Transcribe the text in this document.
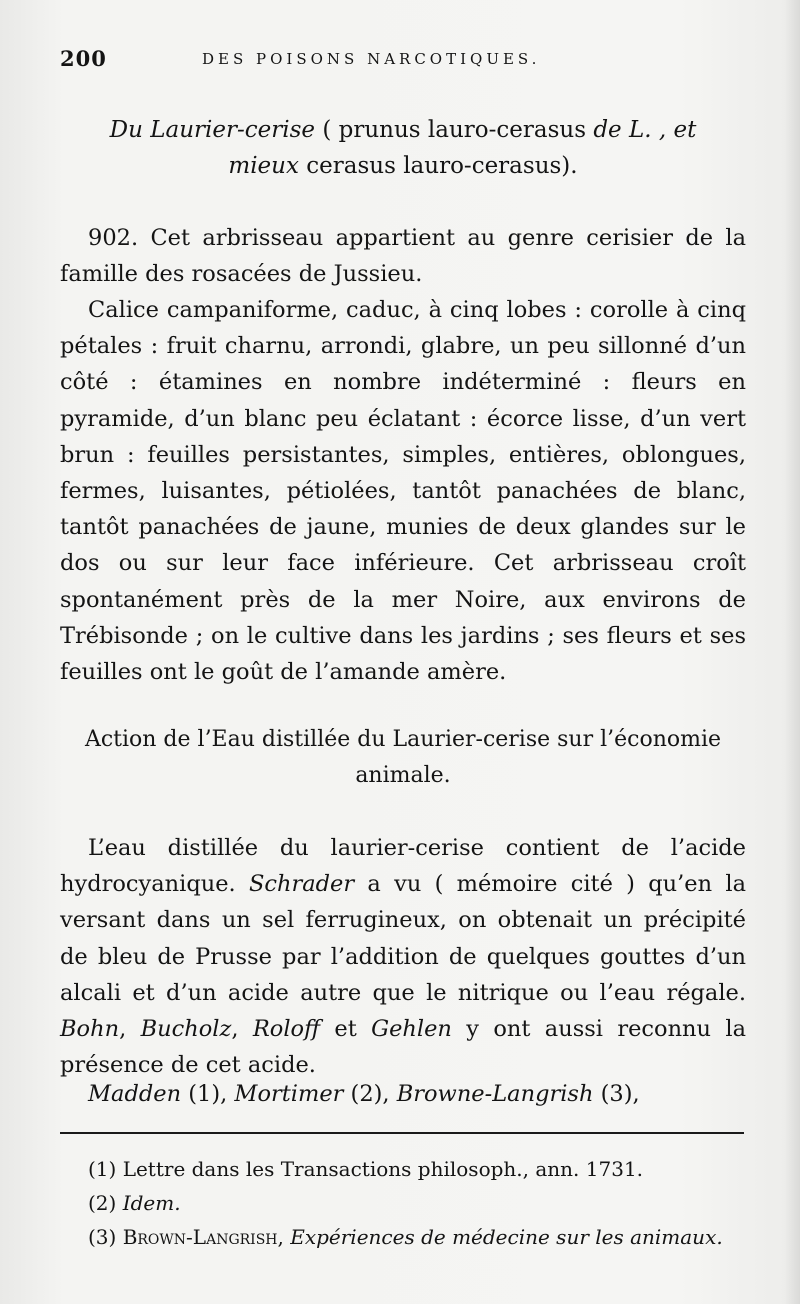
200	DES POISONS NARCOTIQUES.
Du Laurier-cerise ( prunus lauro-cerasus de L. , et
mieux cerasus lauro-cerasus).

902. Cet arbrisseau appartient au genre cerisier de la famille des rosacées de Jussieu.

Calice campaniforme, caduc, à cinq lobes : corolle à cinq pétales : fruit charnu, arrondi, glabre, un peu sillonné d’un côté : étamines en nombre indéterminé : fleurs en pyramide, d’un blanc peu éclatant : écorce lisse, d’un vert brun : feuilles persistantes, simples, entières, oblongues, fermes, luisantes, pétiolées, tantôt panachées de blanc, tantôt panachées de jaune, munies de deux glandes sur le dos ou sur leur face inférieure. Cet arbrisseau croît spontanément près de la mer Noire, aux environs de Trébisonde ; on le cultive dans les jardins ; ses fleurs et ses feuilles ont le goût de l’amande amère.

Action de l’Eau distillée du Laurier-cerise sur l’économie animale.

L’eau distillée du laurier-cerise contient de l’acide hydrocyanique. Schrader a vu ( mémoire cité ) qu’en la versant dans un sel ferrugineux, on obtenait un précipité de bleu de Prusse par l’addition de quelques gouttes d’un alcali et d’un acide autre que le nitrique ou l’eau régale. Bohn, Bucholz, Roloff et Gehlen y ont aussi reconnu la présence de cet acide.

Madden (1), Mortimer (2), Browne-Langrish (3),

(1) Lettre dans les Transactions philosoph., ann. 1731.
(2) Idem.
(3) Brown-Langrish, Expériences de médecine sur les animaux.
